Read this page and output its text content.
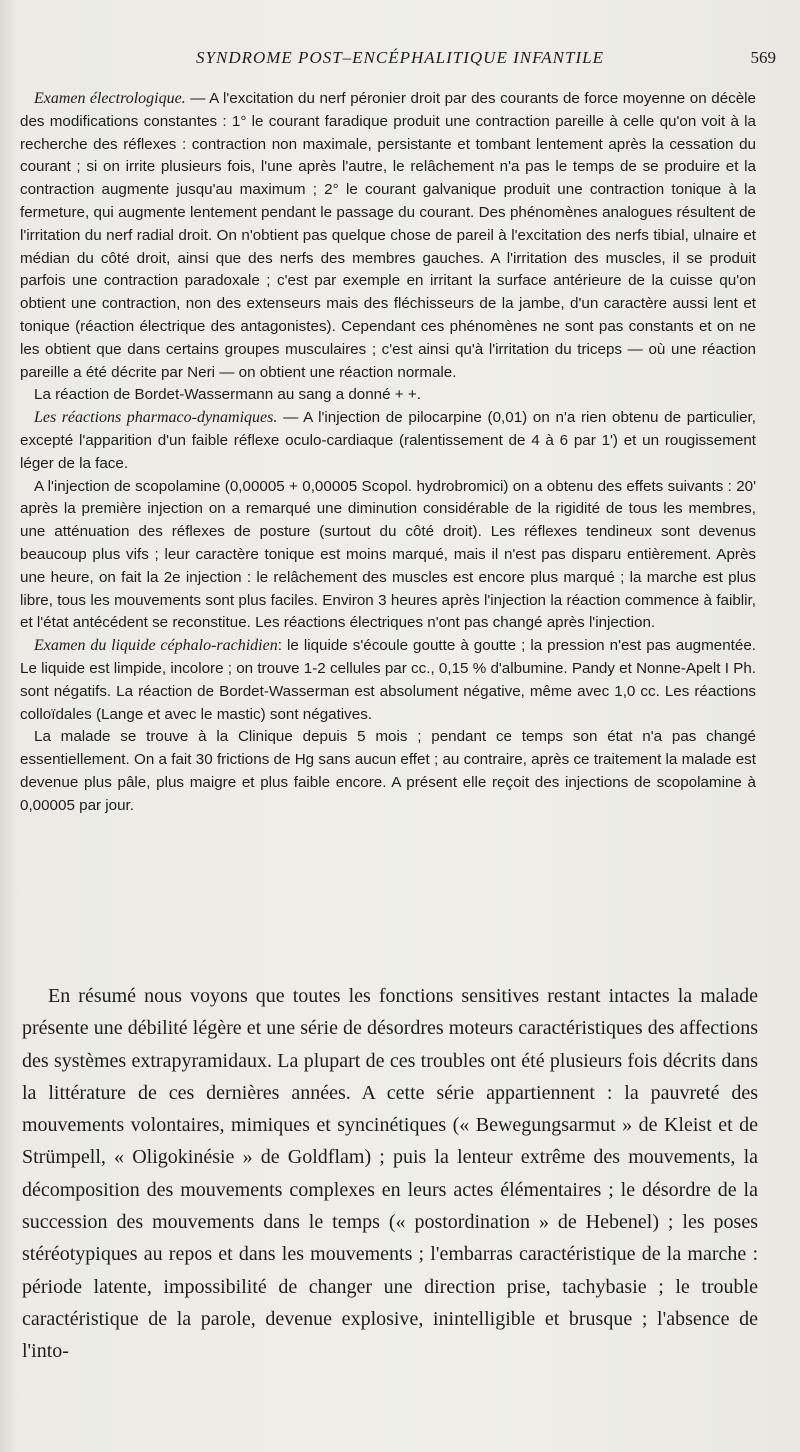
SYNDROME POST–ENCÉPHALITIQUE INFANTILE	569

Examen électrologique. — A l'excitation du nerf péronier droit par des courants de force moyenne on décèle des modifications constantes : 1° le courant faradique produit une contraction pareille à celle qu'on voit à la recherche des réflexes : contraction non maximale, persistante et tombant lentement après la cessation du courant ; si on irrite plusieurs fois, l'une après l'autre, le relâchement n'a pas le temps de se produire et la contraction augmente jusqu'au maximum ; 2° le courant galvanique produit une contraction tonique à la fermeture, qui augmente lentement pendant le passage du courant. Des phénomènes analogues résultent de l'irritation du nerf radial droit. On n'obtient pas quelque chose de pareil à l'excitation des nerfs tibial, ulnaire et médian du côté droit, ainsi que des nerfs des membres gauches. A l'irritation des muscles, il se produit parfois une contraction paradoxale ; c'est par exemple en irritant la surface antérieure de la cuisse qu'on obtient une contraction, non des extenseurs mais des fléchisseurs de la jambe, d'un caractère aussi lent et tonique (réaction électrique des antagonistes). Cependant ces phénomènes ne sont pas constants et on ne les obtient que dans certains groupes musculaires ; c'est ainsi qu'à l'irritation du triceps — où une réaction pareille a été décrite par Neri — on obtient une réaction normale.

La réaction de Bordet-Wassermann au sang a donné + +.

Les réactions pharmaco-dynamiques. — A l'injection de pilocarpine (0,01) on n'a rien obtenu de particulier, excepté l'apparition d'un faible réflexe oculo-cardiaque (ralentissement de 4 à 6 par 1') et un rougissement léger de la face.

A l'injection de scopolamine (0,00005 + 0,00005 Scopol. hydrobromici) on a obtenu des effets suivants : 20' après la première injection on a remarqué une diminution considérable de la rigidité de tous les membres, une atténuation des réflexes de posture (surtout du côté droit). Les réflexes tendineux sont devenus beaucoup plus vifs ; leur caractère tonique est moins marqué, mais il n'est pas disparu entièrement. Après une heure, on fait la 2e injection : le relâchement des muscles est encore plus marqué ; la marche est plus libre, tous les mouvements sont plus faciles. Environ 3 heures après l'injection la réaction commence à faiblir, et l'état antécédent se reconstitue. Les réactions électriques n'ont pas changé après l'injection.

Examen du liquide céphalo-rachidien: le liquide s'écoule goutte à goutte ; la pression n'est pas augmentée. Le liquide est limpide, incolore ; on trouve 1-2 cellules par cc., 0,15 % d'albumine. Pandy et Nonne-Apelt I Ph. sont négatifs. La réaction de Bordet-Wasserman est absolument négative, même avec 1,0 cc. Les réactions colloïdales (Lange et avec le mastic) sont négatives.

La malade se trouve à la Clinique depuis 5 mois ; pendant ce temps son état n'a pas changé essentiellement. On a fait 30 frictions de Hg sans aucun effet ; au contraire, après ce traitement la malade est devenue plus pâle, plus maigre et plus faible encore. A présent elle reçoit des injections de scopolamine à 0,00005 par jour.

En résumé nous voyons que toutes les fonctions sensitives restant intactes la malade présente une débilité légère et une série de désordres moteurs caractéristiques des affections des systèmes extrapyramidaux. La plupart de ces troubles ont été plusieurs fois décrits dans la littérature de ces dernières années. A cette série appartiennent : la pauvreté des mouvements volontaires, mimiques et syncinétiques (« Bewegungsarmut » de Kleist et de Strümpell, « Oligokinésie » de Goldflam) ; puis la lenteur extrême des mouvements, la décomposition des mouvements complexes en leurs actes élémentaires ; le désordre de la succession des mouvements dans le temps (« postordination » de Hebenel) ; les poses stéréotypiques au repos et dans les mouvements ; l'embarras caractéristique de la marche : période latente, impossibilité de changer une direction prise, tachybasie ; le trouble caractéristique de la parole, devenue explosive, inintelligible et brusque ; l'absence de l'into-
